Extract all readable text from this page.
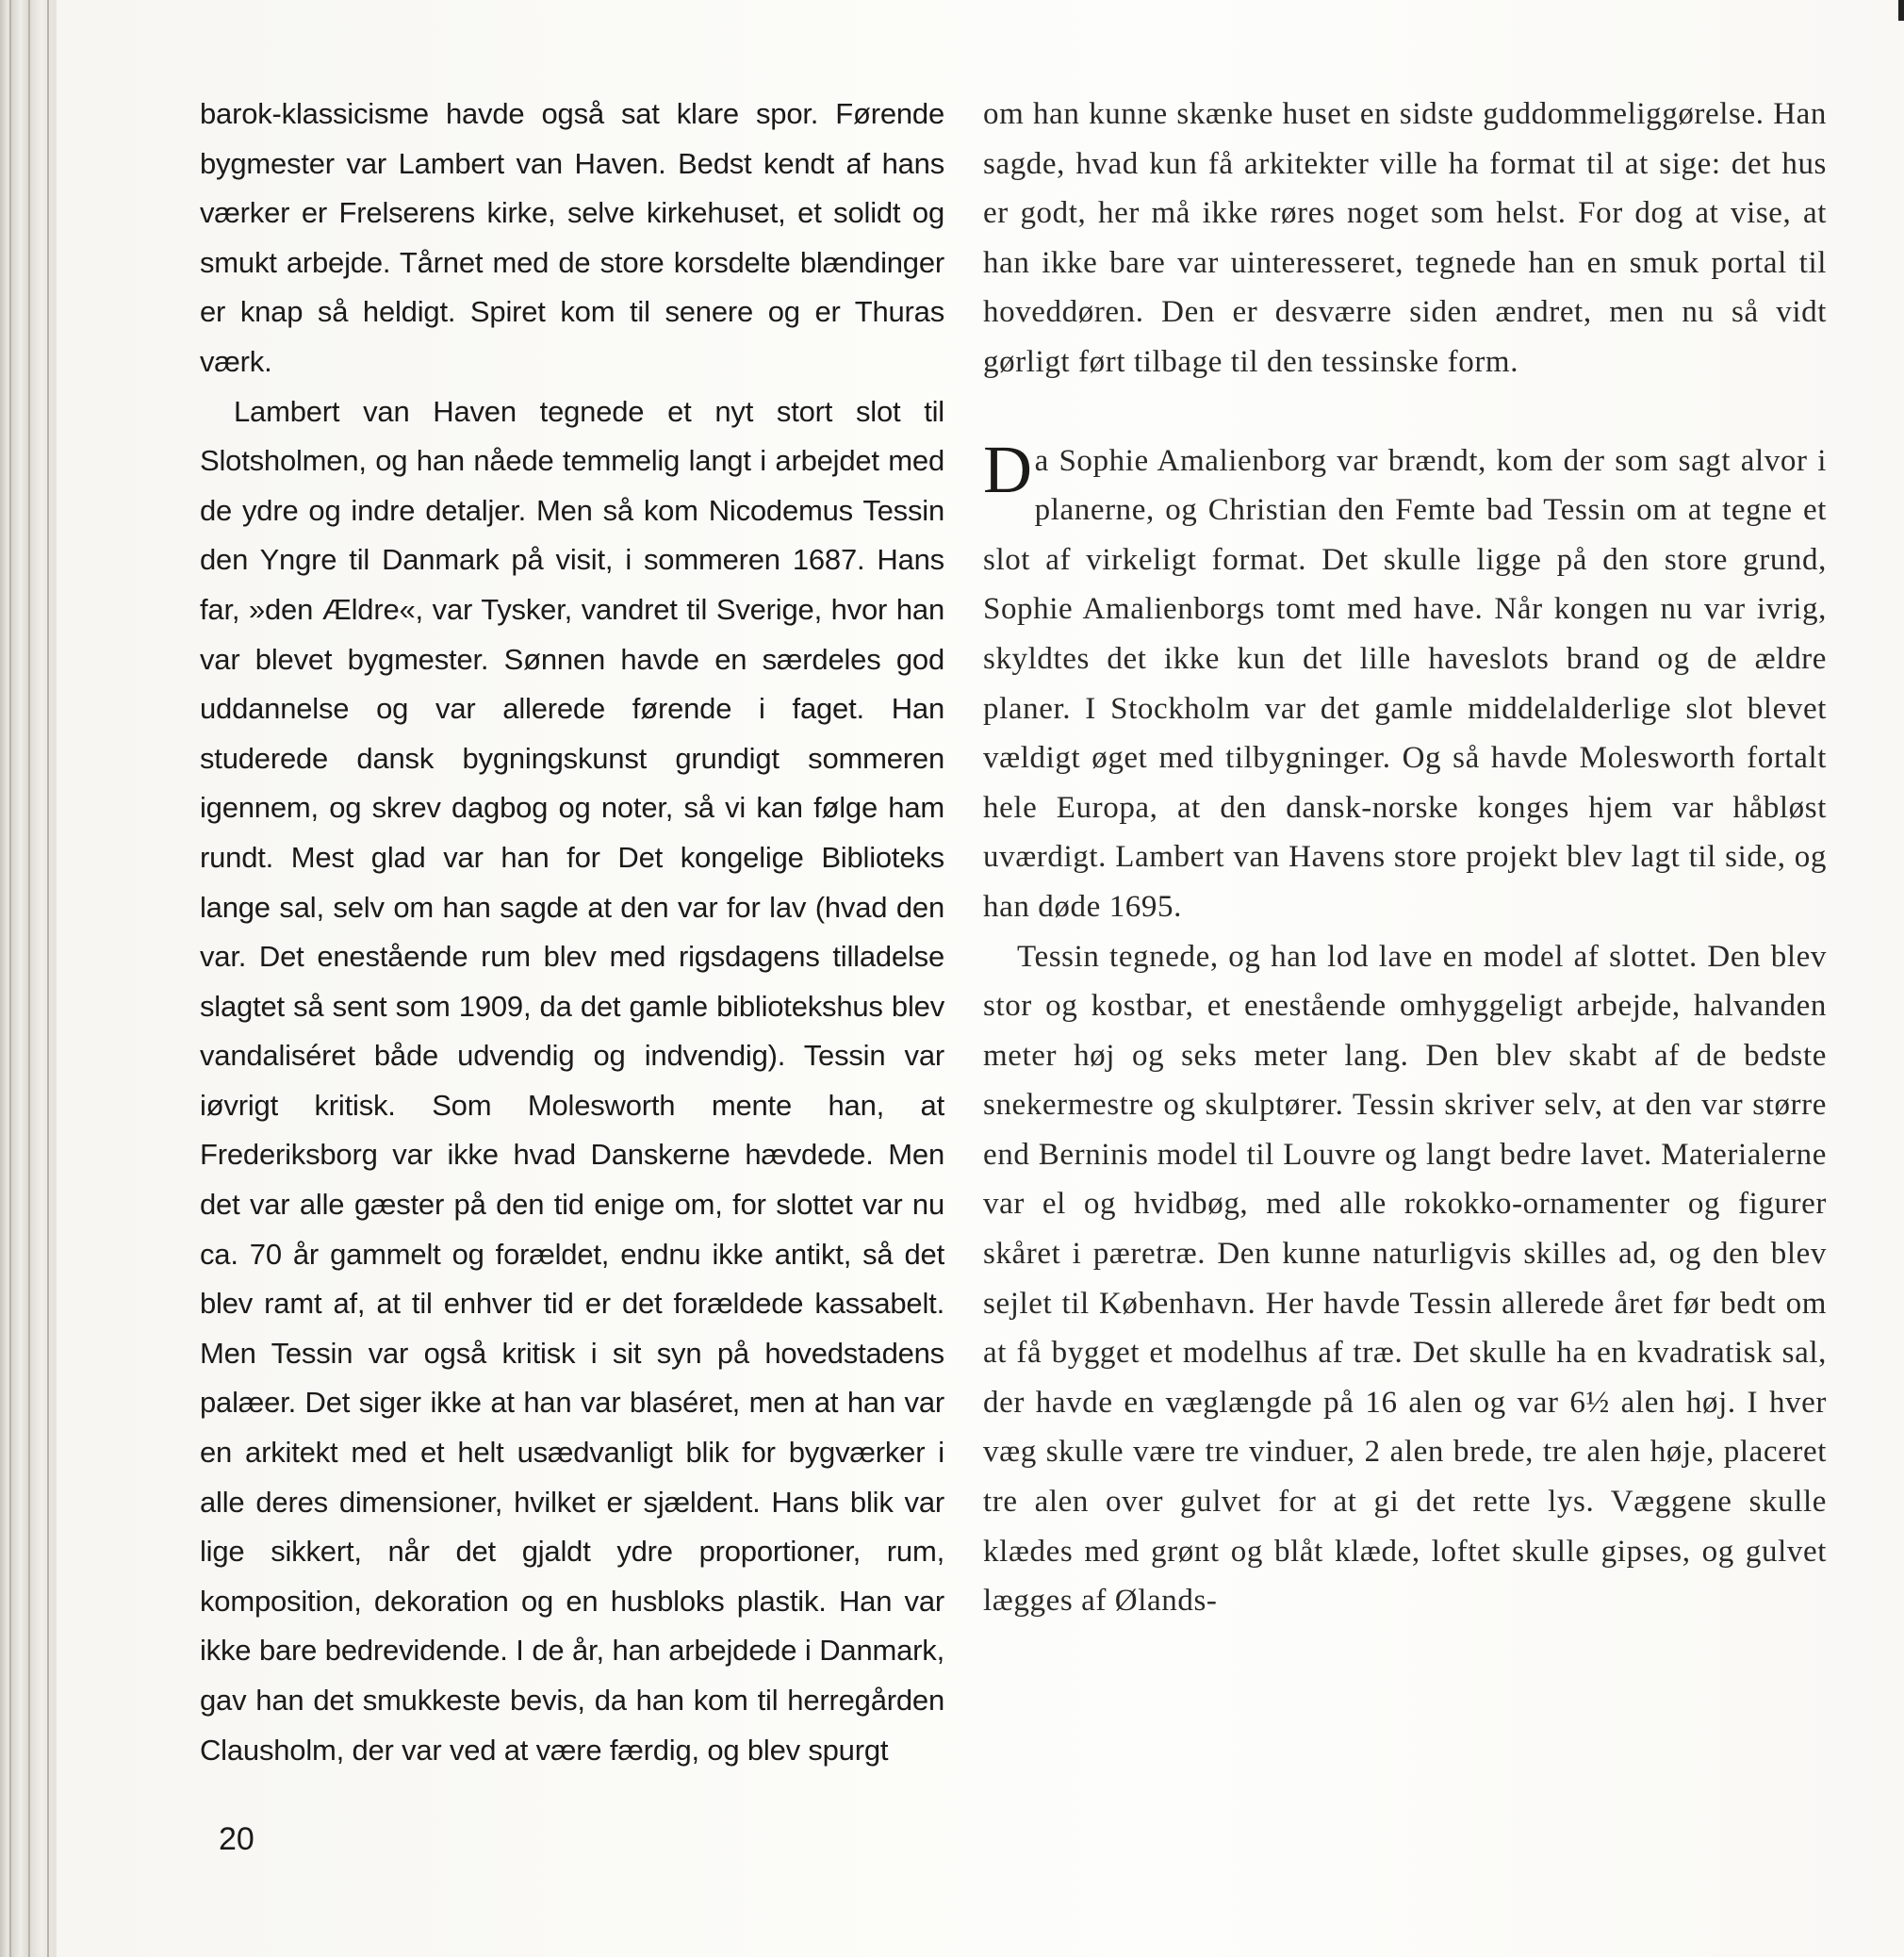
barok-klassicisme havde også sat klare spor. Førende bygmester var Lambert van Haven. Bedst kendt af hans værker er Frelserens kirke, selve kirkehuset, et solidt og smukt arbejde. Tårnet med de store korsdelte blændinger er knap så heldigt. Spiret kom til senere og er Thuras værk.

Lambert van Haven tegnede et nyt stort slot til Slotsholmen, og han nåede temmelig langt i arbejdet med de ydre og indre detaljer. Men så kom Nicodemus Tessin den Yngre til Danmark på visit, i sommeren 1687. Hans far, »den Ældre«, var Tysker, vandret til Sverige, hvor han var blevet bygmester. Sønnen havde en særdeles god uddannelse og var allerede førende i faget. Han studerede dansk bygningskunst grundigt sommeren igennem, og skrev dagbog og noter, så vi kan følge ham rundt. Mest glad var han for Det kongelige Biblioteks lange sal, selv om han sagde at den var for lav (hvad den var. Det enestående rum blev med rigsdagens tilladelse slagtet så sent som 1909, da det gamle bibliotekshus blev vandaliséret både udvendig og indvendig). Tessin var iøvrigt kritisk. Som Molesworth mente han, at Frederiksborg var ikke hvad Danskerne hævdede. Men det var alle gæster på den tid enige om, for slottet var nu ca. 70 år gammelt og forældet, endnu ikke antikt, så det blev ramt af, at til enhver tid er det forældede kassabelt. Men Tessin var også kritisk i sit syn på hovedstadens palæer. Det siger ikke at han var blaséret, men at han var en arkitekt med et helt usædvanligt blik for bygværker i alle deres dimensioner, hvilket er sjældent. Hans blik var lige sikkert, når det gjaldt ydre proportioner, rum, komposition, dekoration og en husbloks plastik. Han var ikke bare bedrevidende. I de år, han arbejdede i Danmark, gav han det smukkeste bevis, da han kom til herregården Clausholm, der var ved at være færdig, og blev spurgt

om han kunne skænke huset en sidste guddommeliggørelse. Han sagde, hvad kun få arkitekter ville ha format til at sige: det hus er godt, her må ikke røres noget som helst. For dog at vise, at han ikke bare var uinteresseret, tegnede han en smuk portal til hoveddøren. Den er desværre siden ændret, men nu så vidt gørligt ført tilbage til den tessinske form.

Da Sophie Amalienborg var brændt, kom der som sagt alvor i planerne, og Christian den Femte bad Tessin om at tegne et slot af virkeligt format. Det skulle ligge på den store grund, Sophie Amalienborgs tomt med have. Når kongen nu var ivrig, skyldtes det ikke kun det lille haveslots brand og de ældre planer. I Stockholm var det gamle middelalderlige slot blevet vældigt øget med tilbygninger. Og så havde Molesworth fortalt hele Europa, at den dansk-norske konges hjem var håbløst uværdigt. Lambert van Havens store projekt blev lagt til side, og han døde 1695.

Tessin tegnede, og han lod lave en model af slottet. Den blev stor og kostbar, et enestående omhyggeligt arbejde, halvanden meter høj og seks meter lang. Den blev skabt af de bedste snekermestre og skulptører. Tessin skriver selv, at den var større end Berninis model til Louvre og langt bedre lavet. Materialerne var el og hvidbøg, med alle rokokko-ornamenter og figurer skåret i pæretræ. Den kunne naturligvis skilles ad, og den blev sejlet til København. Her havde Tessin allerede året før bedt om at få bygget et modelhus af træ. Det skulle ha en kvadratisk sal, der havde en væglængde på 16 alen og var 6½ alen høj. I hver væg skulle være tre vinduer, 2 alen brede, tre alen høje, placeret tre alen over gulvet for at gi det rette lys. Væggene skulle klædes med grønt og blåt klæde, loftet skulle gipses, og gulvet lægges af Ølands-

20
